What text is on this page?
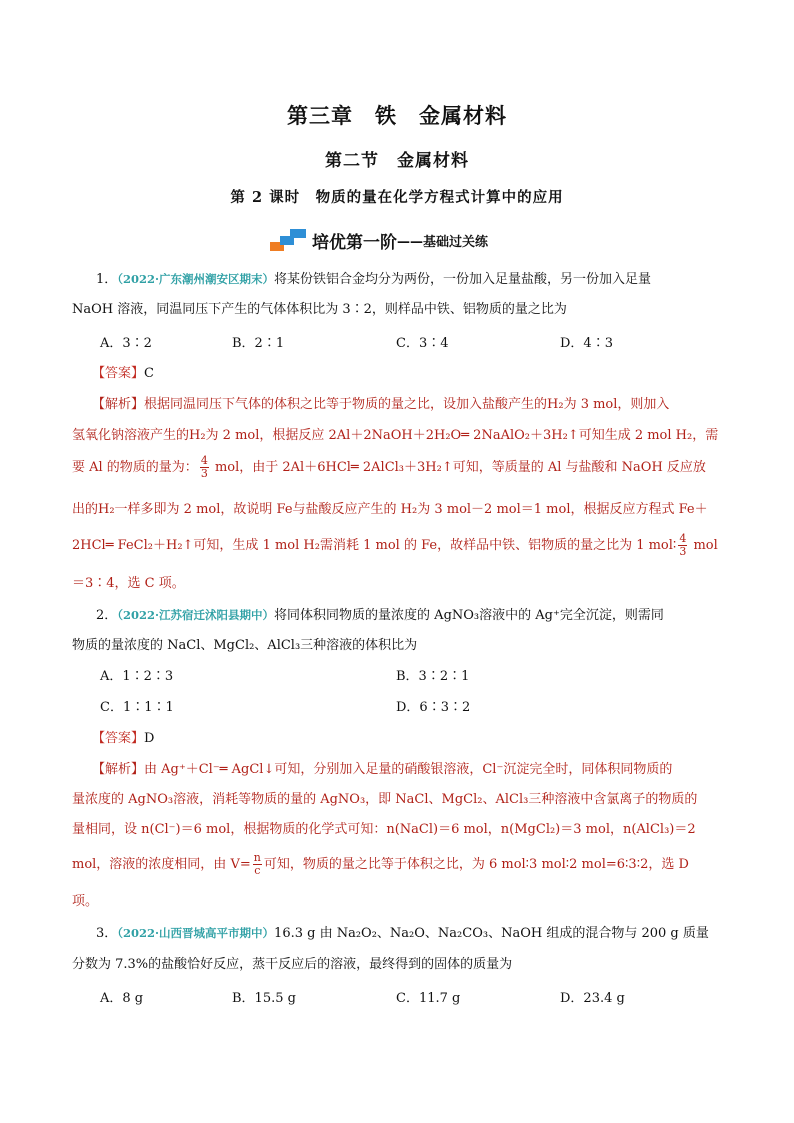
第三章　铁　金属材料
第二节　金属材料
第 2 课时　物质的量在化学方程式计算中的应用
培优第一阶 ——基础过关练
1．（2022·广东潮州潮安区期末）将某份铁铝合金均分为两份，一份加入足量盐酸，另一份加入足量
NaOH 溶液，同温同压下产生的气体体积比为 3∶2，则样品中铁、铝物质的量之比为
A．3∶2	B．2∶1	C．3∶4	D．4∶3
【答案】C
【解析】根据同温同压下气体的体积之比等于物质的量之比，设加入盐酸产生的H₂为 3 mol，则加入
氢氧化钠溶液产生的H₂为 2 mol，根据反应 2Al＋2NaOH＋2H₂O═ 2NaAlO₂＋3H₂↑可知生成 2 mol H₂，需
要 Al 的物质的量为： $\frac{4}{3}$ mol，由于 2Al＋6HCl═ 2AlCl₃＋3H₂↑可知，等质量的 Al 与盐酸和 NaOH 反应放
出的H₂一样多即为 2 mol，故说明 Fe与盐酸反应产生的 H₂为 3 mol－2 mol＝1 mol，根据反应方程式 Fe＋
2HCl═ FeCl₂＋H₂↑可知，生成 1 mol H₂需消耗 1 mol 的 Fe，故样品中铁、铝物质的量之比为 1 mol∶ $\frac{4}{3}$ mol
＝3∶4，选 C 项。
2．（2022·江苏宿迁沭阳县期中）将同体积同物质的量浓度的 AgNO₃溶液中的 Ag⁺完全沉淀，则需同
物质的量浓度的 NaCl、MgCl₂、AlCl₃三种溶液的体积比为
A．1∶2∶3	B．3∶2∶1
C．1∶1∶1	D．6∶3∶2
【答案】D
【解析】由 Ag⁺＋Cl⁻═ AgCl↓可知，分别加入足量的硝酸银溶液，Cl⁻沉淀完全时，同体积同物质的
量浓度的 AgNO₃溶液，消耗等物质的量的 AgNO₃，即 NaCl、MgCl₂、AlCl₃三种溶液中含氯离子的物质的
量相同，设 n(Cl⁻)＝6 mol，根据物质的化学式可知：n(NaCl)＝6 mol，n(MgCl₂)＝3 mol，n(AlCl₃)＝2
mol，溶液的浓度相同，由 $V= \frac{n}{c}$ 可知，物质的量之比等于体积之比，为 6 mol∶3 mol∶2 mol=6∶3∶2，选 D
项。
3．（2022·山西晋城高平市期中）16.3 g 由 Na₂O₂、Na₂O、Na₂CO₃、NaOH 组成的混合物与 200 g 质量
分数为 7.3%的盐酸恰好反应，蒸干反应后的溶液，最终得到的固体的质量为
A．8 g	B．15.5 g	C．11.7 g	D．23.4 g
